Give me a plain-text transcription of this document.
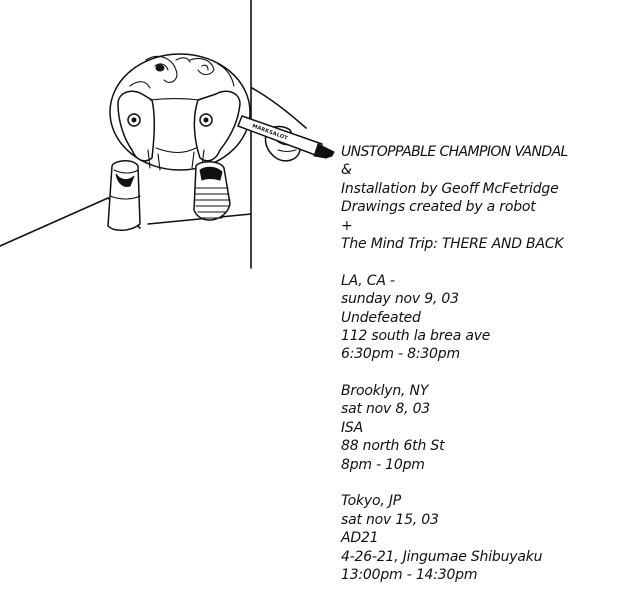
MARKSALOT
UNSTOPPABLE CHAMPION VANDAL
&
Installation by Geoff McFetridge
Drawings created by a robot
+
The Mind Trip: THERE AND BACK
LA, CA -
sunday nov 9, 03
Undefeated
112 south la brea ave
6:30pm - 8:30pm
Brooklyn, NY
sat nov 8, 03
ISA
88 north 6th St
8pm - 10pm
Tokyo, JP
sat nov 15, 03
AD21
4-26-21, Jingumae Shibuyaku
13:00pm - 14:30pm
